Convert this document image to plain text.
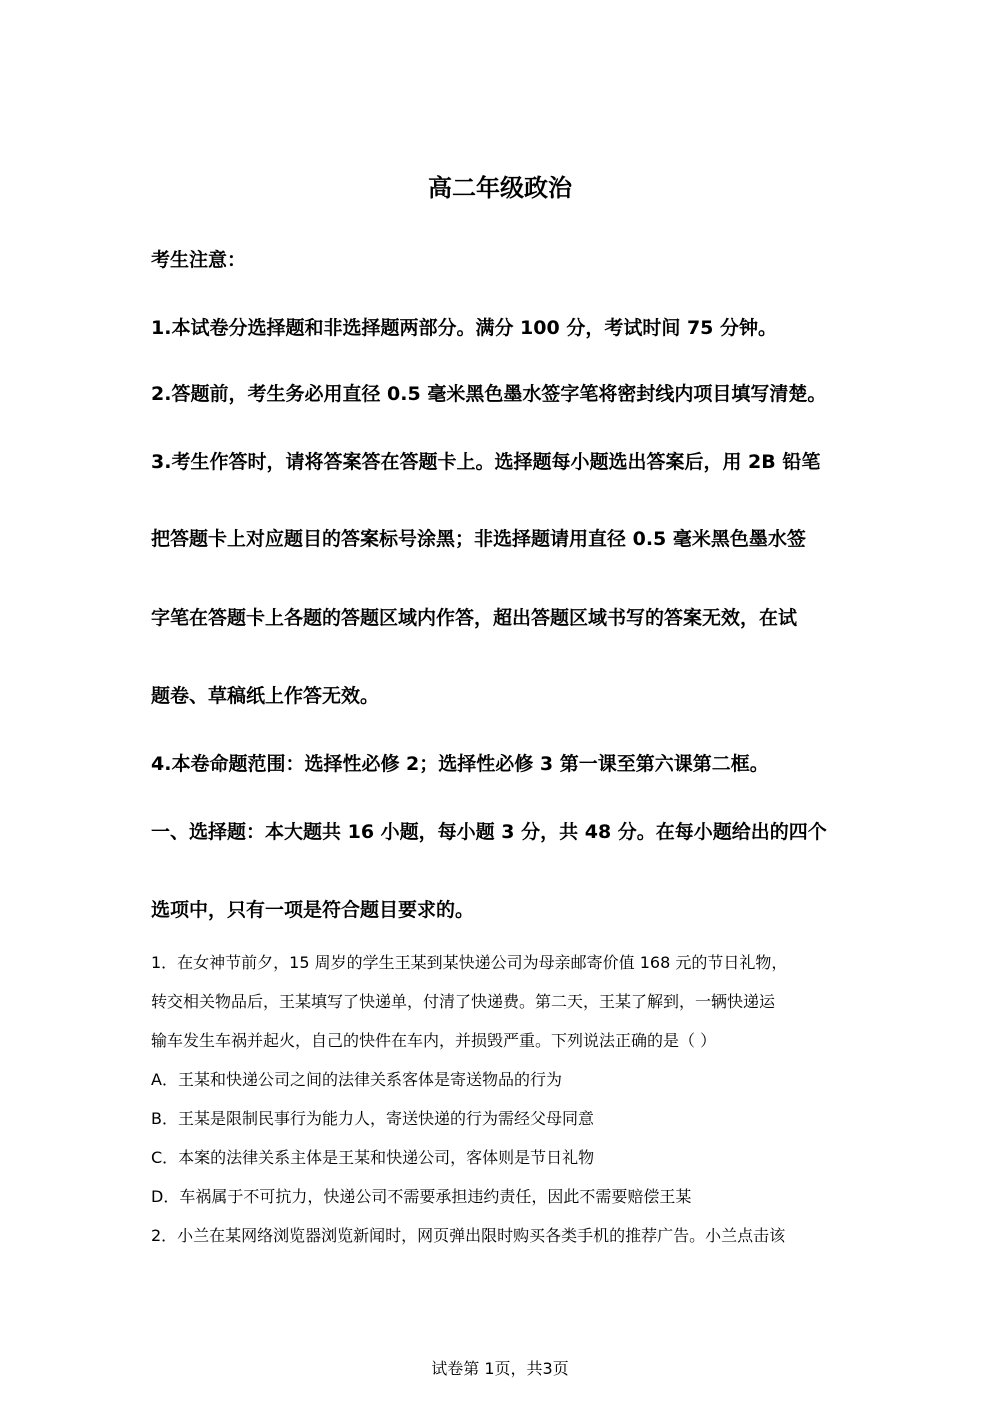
高二年级政治
考生注意：
1.本试卷分选择题和非选择题两部分。满分 100 分，考试时间 75 分钟。
2.答题前，考生务必用直径 0.5 毫米黑色墨水签字笔将密封线内项目填写清楚。
3.考生作答时，请将答案答在答题卡上。选择题每小题选出答案后，用 2B 铅笔
把答题卡上对应题目的答案标号涂黑；非选择题请用直径 0.5 毫米黑色墨水签
字笔在答题卡上各题的答题区域内作答，超出答题区域书写的答案无效，在试
题卷、草稿纸上作答无效。
4.本卷命题范围：选择性必修 2；选择性必修 3 第一课至第六课第二框。
一、选择题：本大题共 16 小题，每小题 3 分，共 48 分。在每小题给出的四个
选项中，只有一项是符合题目要求的。
1．在女神节前夕，15 周岁的学生王某到某快递公司为母亲邮寄价值 168 元的节日礼物，
转交相关物品后，王某填写了快递单，付清了快递费。第二天，王某了解到，一辆快递运
输车发生车祸并起火，自己的快件在车内，并损毁严重。下列说法正确的是（ ）
A．王某和快递公司之间的法律关系客体是寄送物品的行为
B．王某是限制民事行为能力人，寄送快递的行为需经父母同意
C．本案的法律关系主体是王某和快递公司，客体则是节日礼物
D．车祸属于不可抗力，快递公司不需要承担违约责任，因此不需要赔偿王某
2．小兰在某网络浏览器浏览新闻时，网页弹出限时购买各类手机的推荐广告。小兰点击该
试卷第 1页，共3页
